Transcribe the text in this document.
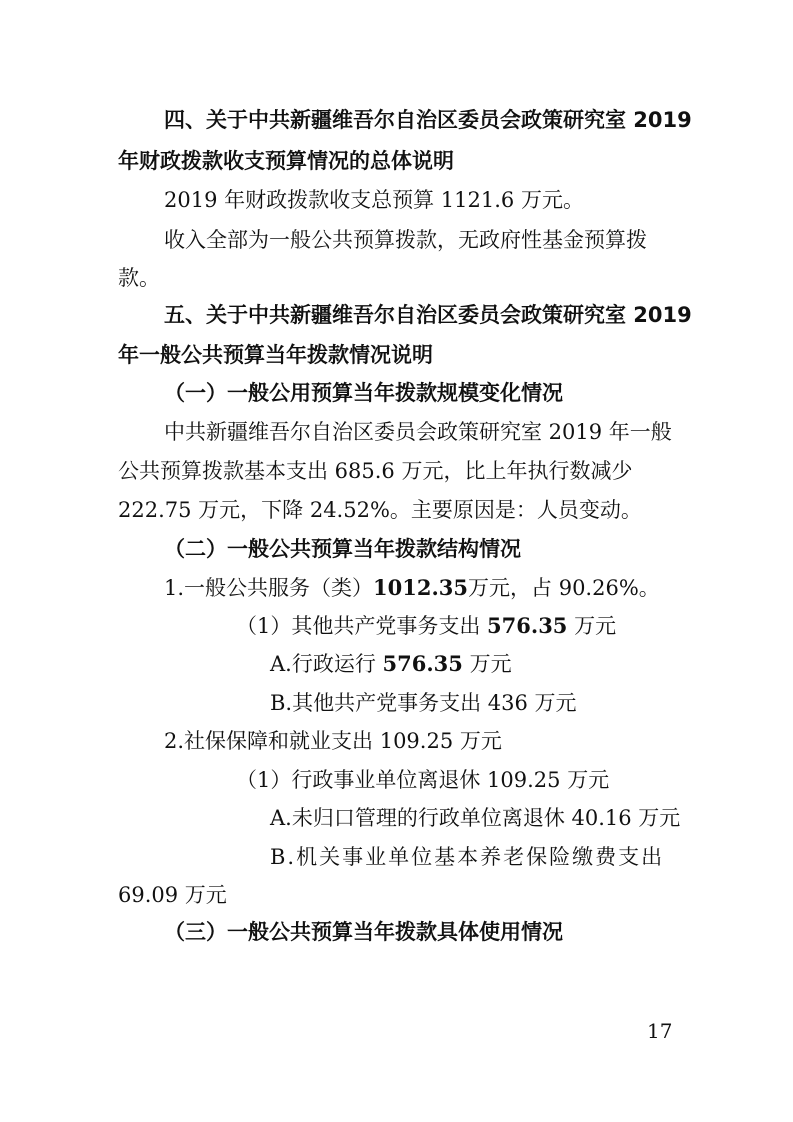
四、关于中共新疆维吾尔自治区委员会政策研究室 2019
年财政拨款收支预算情况的总体说明
2019 年财政拨款收支总预算 1121.6 万元。
收入全部为一般公共预算拨款，无政府性基金预算拨
款。
五、关于中共新疆维吾尔自治区委员会政策研究室 2019
年一般公共预算当年拨款情况说明
（一）一般公用预算当年拨款规模变化情况
中共新疆维吾尔自治区委员会政策研究室 2019 年一般
公共预算拨款基本支出 685.6 万元，比上年执行数减少
222.75 万元，下降 24.52%。主要原因是：人员变动。
（二）一般公共预算当年拨款结构情况
1.一般公共服务（类）1012.35万元，占 90.26%。
（1）其他共产党事务支出 576.35 万元
A.行政运行 576.35 万元
B.其他共产党事务支出 436 万元
2.社保保障和就业支出 109.25 万元
（1）行政事业单位离退休 109.25 万元
A.未归口管理的行政单位离退休 40.16 万元
B.机关事业单位基本养老保险缴费支出
69.09 万元
（三）一般公共预算当年拨款具体使用情况
17
